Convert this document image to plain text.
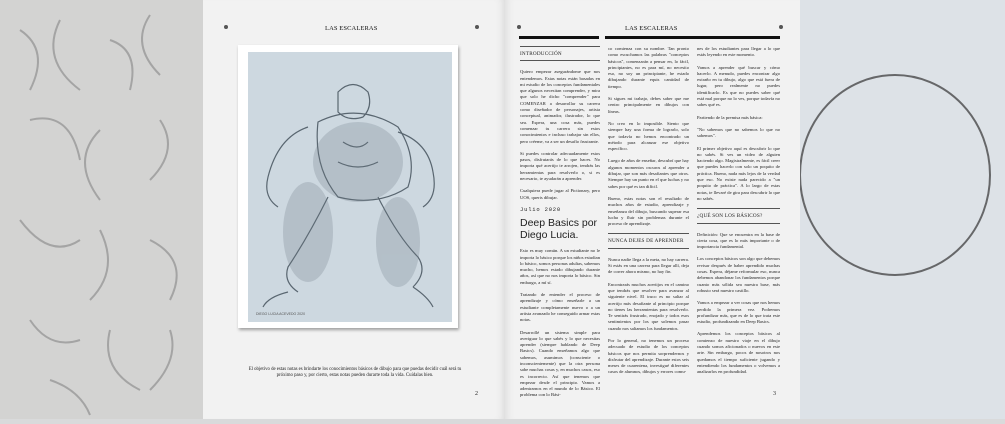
LAS ESCALERAS
DIEGO LUCIA ACEVEDO 2020
El objetivo de estas notas es brindarte los conocimientos básicos de dibujo para que puedas decidir cuál será tu próximo paso y, por cierto, estas notas pueden durarte toda la vida. Cuídalas bien.
2
LAS ESCALERAS
INTRODUCCIÓN

Quiero empezar asegurándome que nos entendemos. Estas notas están basadas en mi estudio de los conceptos fundamentales que algunos necesitan comprender, y mira que solo he dicho "comprender" para COMENZAR a desarrollar su carrera como diseñador de personajes, artista conceptual, animador, ilustrador, lo que sea. Espera, una cosa más, puedes comenzar tu carrera sin estos conocimientos e incluso trabajar sin ellos, pero créeme, va a ser un desafío frustrante.

Si puedes controlar adecuadamente estos pasos, disfrutarás de lo que haces. No importa qué acertijo te arrojen, tendrás las herramientas para resolverlo o, si es necesario, te ayudarán a aprender.

Cualquiera puede jugar al Pictionary, pero UOS, queris dibujar.

Julio 2020
Deep Basics por Diego Lucia.

Esto es muy común. A un estudiante no le importa lo básico porque los niños estudian lo básico, somos personas adultas, sabemos mucho, hemos estado dibujando durante años, así que no nos importa lo básico. Sin embargo, a mí sí.

Tratando de entender el proceso de aprendizaje y cómo enseñarle a un estudiante completamente nuevo o a un artista avanzado he conseguido armar estas notas.

Desarrollé un sistema simple para averiguar lo que sabés y lo que necesitas aprender (siempre hablando de Deep Basics). Cuando enseñamos algo que sabemos, asumimos (consciente o inconscientemente) que la otra persona sabe muchas cosas y, en muchos casos, eso es incorrecto. Así que tenemos que empezar desde el principio. Vamos a adentrarnos en el mundo de lo Básico. El problema con lo Bási-

co comienza con su nombre. Tan pronto como escuchamos las palabras "conceptos básicos", comenzarán a pensar en, lo fácil, principiantes, no es para mí, no necesito eso, no soy un principiante, he estado dibujando durante equis cantidad de tiempo.

Si sigues mi trabajo, debes saber que me centro principalmente en dibujos con líneas.

No creo en lo imposible. Siento que siempre hay una forma de lograrlo, solo que todavía no hemos encontrado un método para alcanzar ese objetivo específico.

Luego de años de enseñar, descubrí que hay algunos momentos oscuros al aprender a dibujar, que son más desafiantes que otros. Siempre hay un punto en el que luchas y no sabes por qué es tan difícil.

Bueno, estas notas son el resultado de muchos años de estudio, aprendizaje y enseñanza del dibujo, buscando superar esa lucha y fluir sin problemas durante el proceso de aprendizaje.

NUNCA DEJES DE APRENDER

Nunca nadie llega a la meta, no hay carrera. Si estás en una carrera para llegar allí, deja de correr ahora mismo, no hay fin.

Encontrarás muchos acertijos en el camino que tendrás que resolver para avanzar al siguiente nivel. El truco es no saltar al acertijo más desafiante al principio porque no tienes las herramientas para resolverlo. Te sentirás frustrado, enojado y todos esos sentimientos por los que solemos pasar cuando nos saltamos los fundamentos.

Por lo general, no tenemos un proceso adecuado de estudio de los conceptos básicos que nos permita sorprendernos y disfrutar del aprendizaje. Durante estos seis meses de cuarentena, investigué diferentes casos de alumnos, dibujos y errores comu-

nes de los estudiantes para llegar a lo que estás leyendo en este momento.

Vamos a aprender qué buscar y cómo hacerlo. A menudo, puedes encontrar algo extraño en tu dibujo, algo que está fuera de lugar, pero realmente no puedes identificarlo. Es que no puedes saber qué está mal porque no lo ves, porque todavía no sabes qué es.

Partiendo de la premisa más básica:

"No sabemos que no sabemos lo que no sabemos".

El primer objetivo aquí es descubrir lo que no sabés. Si ves un video de alguien haciendo algo. Magistralmente, es fácil creer que puedes hacerlo con solo un poquito de práctica. Bueno, nada más lejos de la verdad que eso. No existe nada parecido a "un poquito de práctica". A lo largo de estas notas, te llevaré de gira para descubrir lo que no sabés.

¿QUÉ SON LOS BÁSICOS?

Definición: Que se encuentra en la base de cierta cosa, que es lo más importante o de importancia fundamental.

Los conceptos básicos son algo que debemos revisar después de haber aprendido muchas cosas. Espera, déjame reformular eso, nunca debemos abandonar los fundamentos porque cuanto más sólida sea nuestra base, más robusto será nuestro castillo.

Vamos a empezar a ver cosas que nos hemos perdido la primera vez. Podremos profundizar más, que es de lo que trata este estudio, profundizando en Deep Basics.

Aprendemos los conceptos básicos al comienzo de nuestro viaje en el dibujo cuando somos aficionados o nuevos en este arte. Sin embargo, pocos de nosotros nos quedamos el tiempo suficiente jugando y entendiendo los fundamentos o volvemos a analizarlos en profundidad.

3
